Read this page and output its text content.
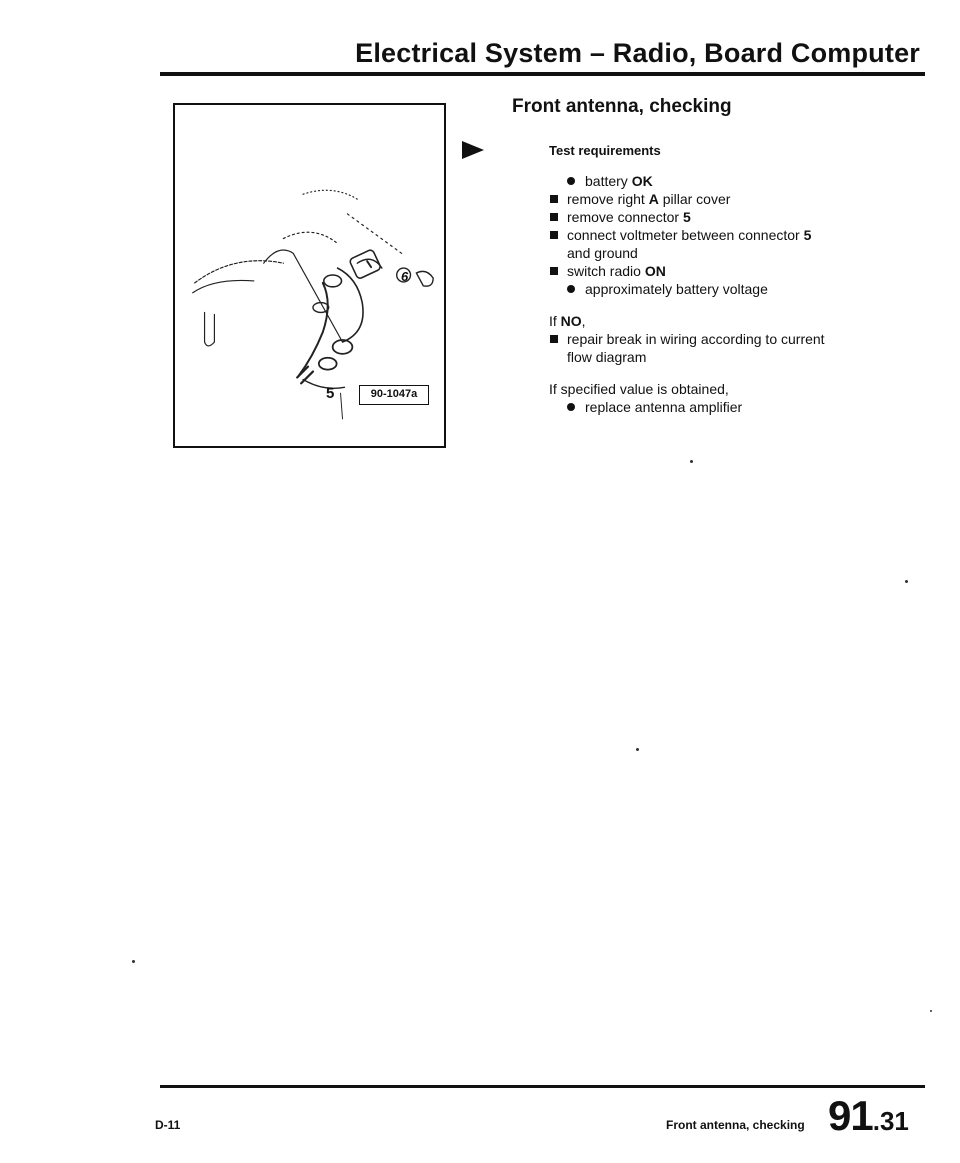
Electrical System – Radio, Board Computer
5
6
90-1047a
Front antenna, checking
Test requirements
battery OK
remove right A pillar cover
remove connector 5
connect voltmeter between connector 5
and ground
switch radio ON
approximately battery voltage
If NO,
repair break in wiring according to current
flow diagram
If specified value is obtained,
replace antenna amplifier
D-11	Front antenna, checking 91.31
